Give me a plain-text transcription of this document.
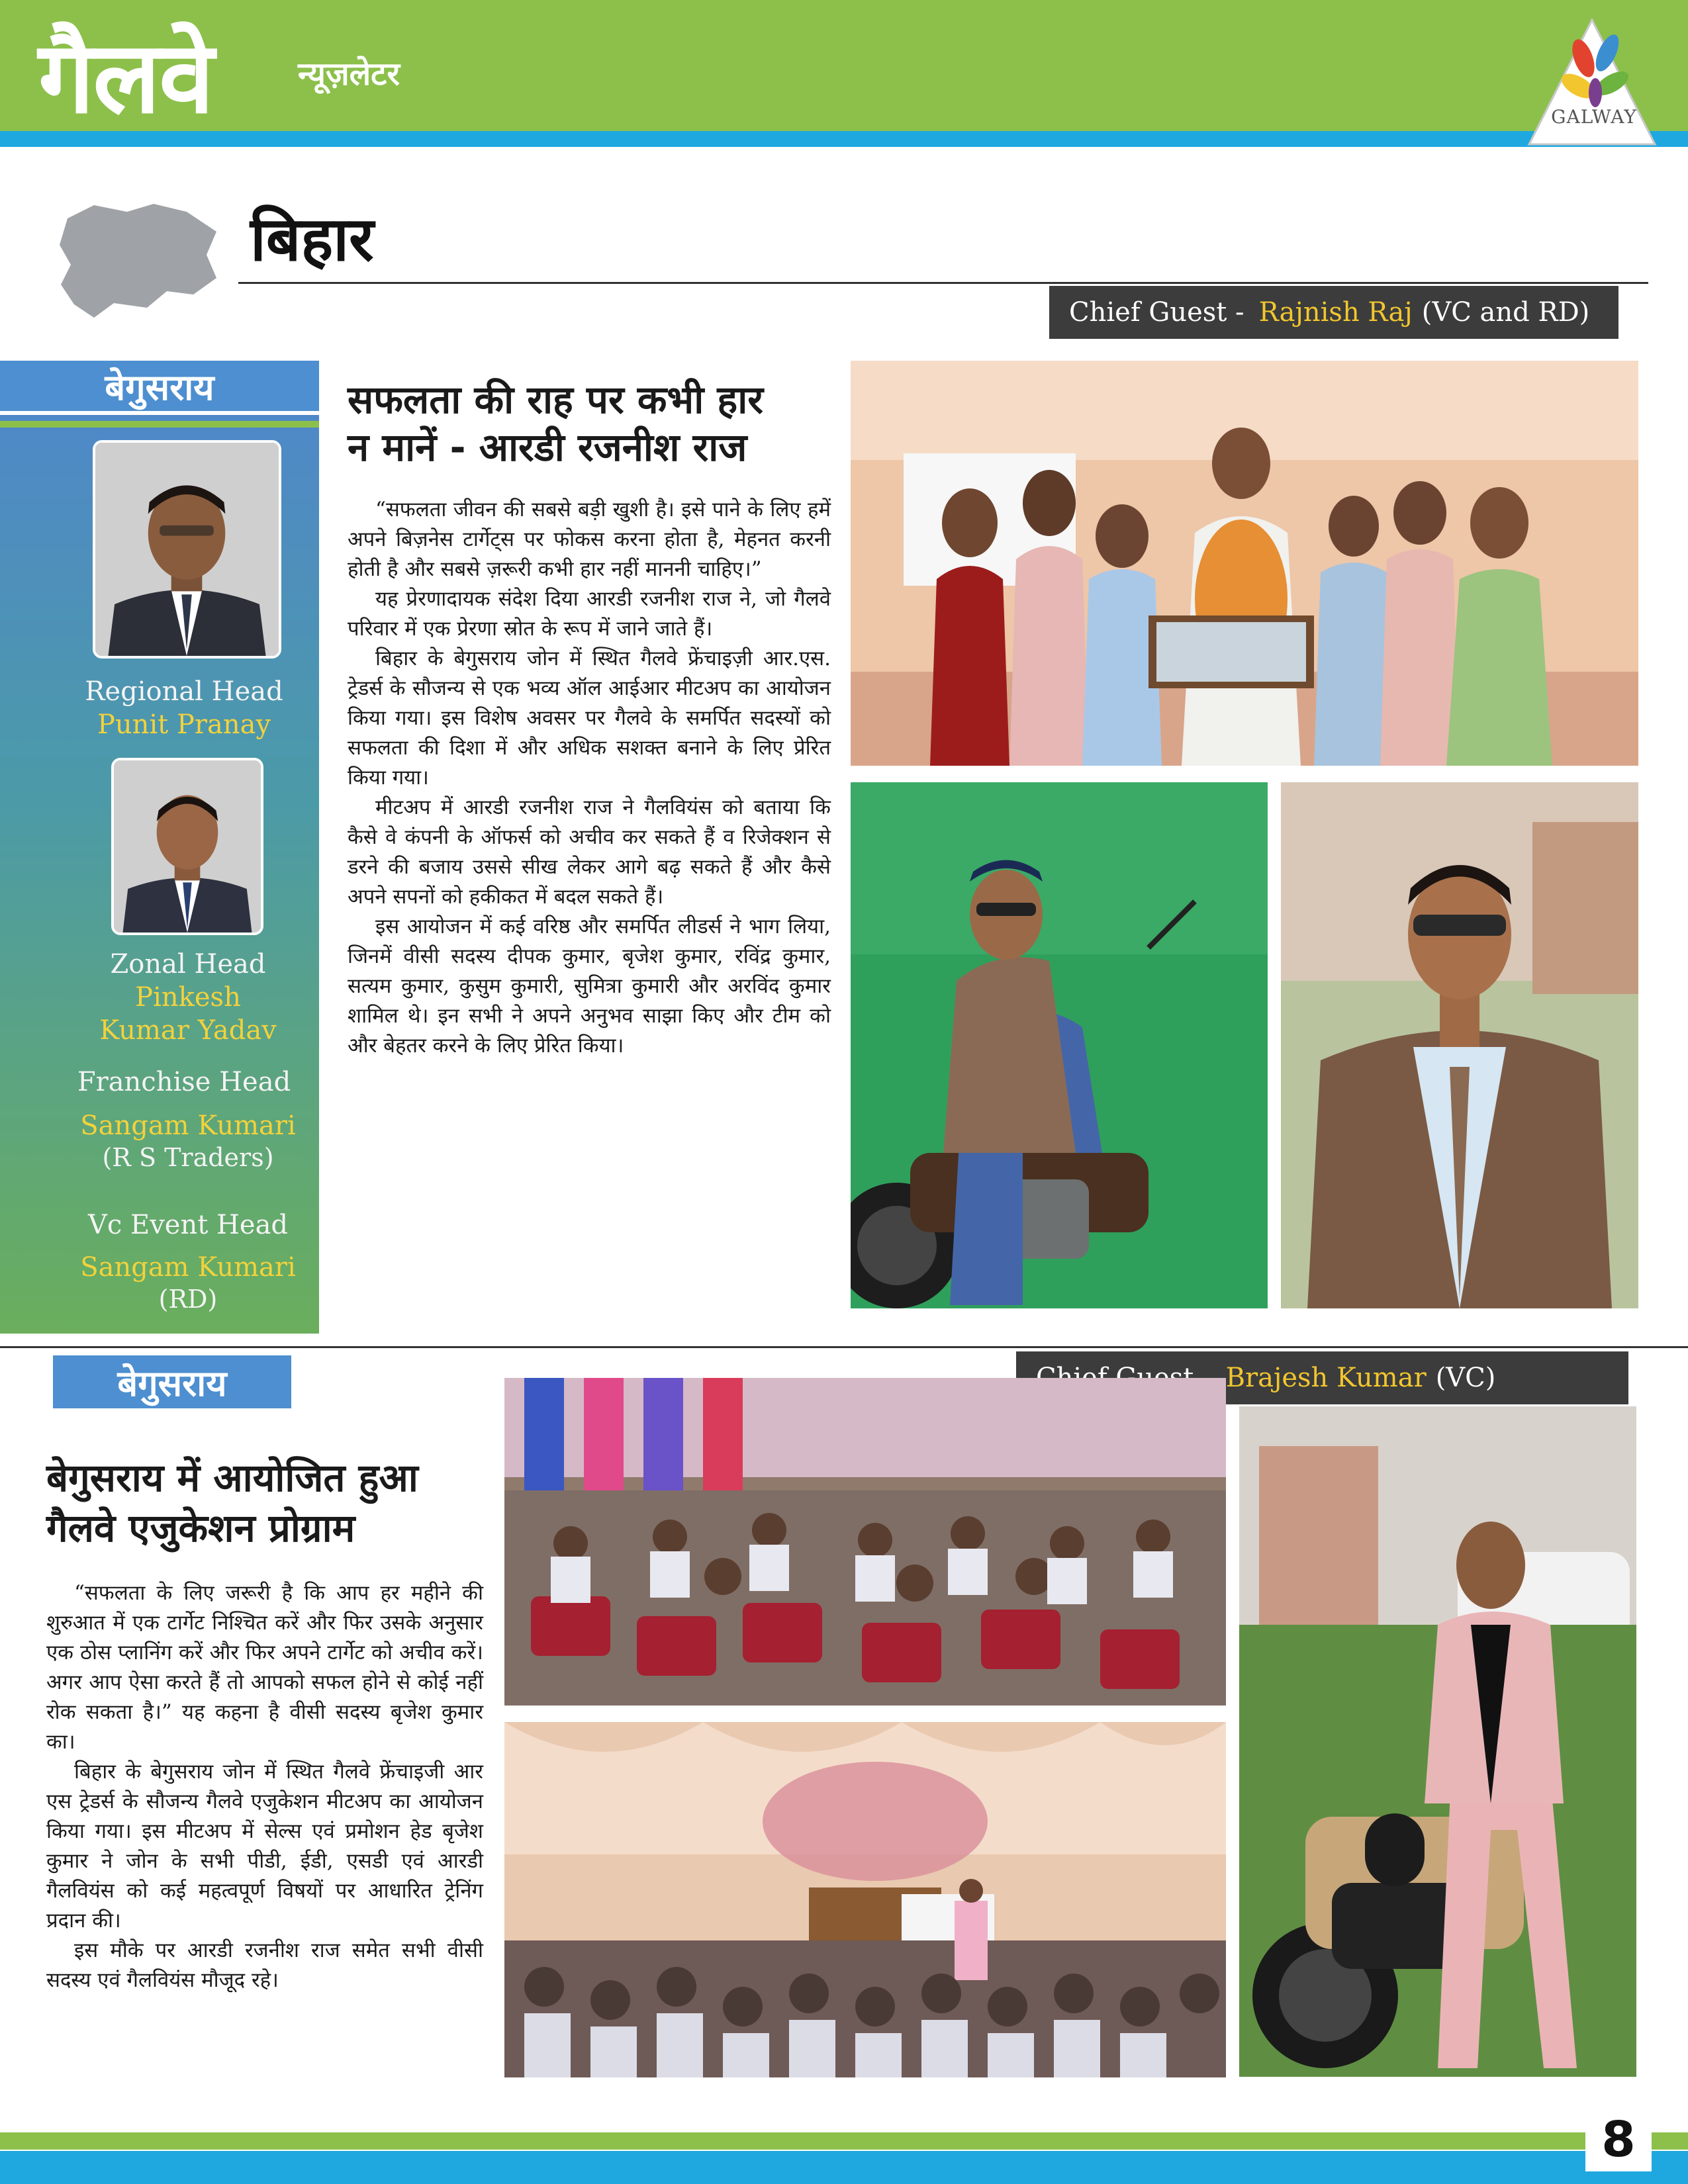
गैलवे	न्यूज़लेटर
GALWAY
FOR YOU FOREVER
बिहार
Chief Guest - Rajnish Raj (VC and RD)
बेगुसराय
Regional Head
Punit Pranay
Zonal Head
Pinkesh
Kumar Yadav
Franchise Head
Sangam Kumari
(R S Traders)
Vc Event Head
Sangam Kumari
(RD)
सफलता की राह पर कभी हार
न मानें - आरडी रजनीश राज

“सफलता जीवन की सबसे बड़ी खुशी है। इसे पाने के लिए हमें अपने बिज़नेस टार्गेट्स पर फोकस करना होता है, मेहनत करनी होती है और सबसे ज़रूरी कभी हार नहीं माननी चाहिए।”

यह प्रेरणादायक संदेश दिया आरडी रजनीश राज ने, जो गैलवे परिवार में एक प्रेरणा स्रोत के रूप में जाने जाते हैं।

बिहार के बेगुसराय जोन में स्थित गैलवे फ्रेंचाइज़ी आर.एस. ट्रेडर्स के सौजन्य से एक भव्य ऑल आईआर मीटअप का आयोजन किया गया। इस विशेष अवसर पर गैलवे के समर्पित सदस्यों को सफलता की दिशा में और अधिक सशक्त बनाने के लिए प्रेरित किया गया।

मीटअप में आरडी रजनीश राज ने गैलवियंस को बताया कि कैसे वे कंपनी के ऑफर्स को अचीव कर सकते हैं व रिजेक्शन से डरने की बजाय उससे सीख लेकर आगे बढ़ सकते हैं और कैसे अपने सपनों को हकीकत में बदल सकते हैं।

इस आयोजन में कई वरिष्ठ और समर्पित लीडर्स ने भाग लिया, जिनमें वीसी सदस्य दीपक कुमार, बृजेश कुमार, रविंद्र कुमार, सत्यम कुमार, कुसुम कुमारी, सुमित्रा कुमारी और अरविंद कुमार शामिल थे। इन सभी ने अपने अनुभव साझा किए और टीम को और बेहतर करने के लिए प्रेरित किया।

बेगुसराय	Brajesh Kumar (VC)
बेगुसराय में आयोजित हुआ
गैलवे एजुकेशन प्रोग्राम

“सफलता के लिए जरूरी है कि आप हर महीने की शुरुआत में एक टार्गेट निश्चित करें और फिर उसके अनुसार एक ठोस प्लानिंग करें और फिर अपने टार्गेट को अचीव करें। अगर आप ऐसा करते हैं तो आपको सफल होने से कोई नहीं रोक सकता है।” यह कहना है वीसी सदस्य बृजेश कुमार का।

बिहार के बेगुसराय जोन में स्थित गैलवे फ्रेंचाइजी आर एस ट्रेडर्स के सौजन्य गैलवे एजुकेशन मीटअप का आयोजन किया गया। इस मीटअप में सेल्स एवं प्रमोशन हेड बृजेश कुमार ने जोन के सभी पीडी, ईडी, एसडी एवं आरडी गैलवियंस को कई महत्वपूर्ण विषयों पर आधारित ट्रेनिंग प्रदान की।

इस मौके पर आरडी रजनीश राज समेत सभी वीसी सदस्य एवं गैलवियंस मौजूद रहे।

8
